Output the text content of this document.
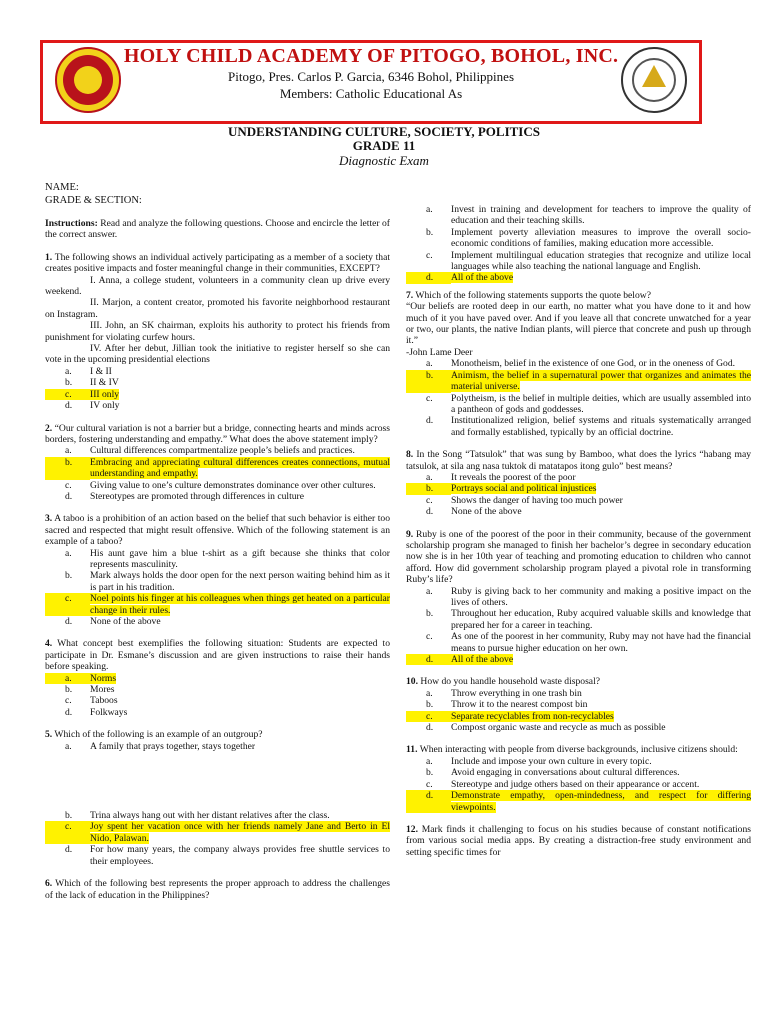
HOLY CHILD ACADEMY OF PITOGO, BOHOL, INC.
Pitogo, Pres. Carlos P. Garcia, 6346 Bohol, Philippines
Members: Catholic Educational As
UNDERSTANDING CULTURE, SOCIETY, POLITICS
GRADE 11
Diagnostic Exam

NAME:

GRADE & SECTION:

Instructions: Read and analyze the following questions. Choose and encircle the letter of the correct answer.

1. The following shows an individual actively participating as a member of a society that creates positive impacts and foster meaningful change in their communities, EXCEPT?

I. Anna, a college student, volunteers in a community clean up drive every weekend.

II. Marjon, a content creator, promoted his favorite neighborhood restaurant on Instagram.

III. John, an SK chairman, exploits his authority to protect his friends from punishment for violating curfew hours.

IV. After her debut, Jillian took the initiative to register herself so she can vote in the upcoming presidential elections

a.	I & II
b.	II & IV
c.	III only
d.	IV only

2. “Our cultural variation is not a barrier but a bridge, connecting hearts and minds across borders, fostering understanding and empathy.” What does the above statement imply?

a.	Cultural differences compartmentalize people’s beliefs and practices.
b.	Embracing and appreciating cultural differences creates connections, mutual understanding and empathy.
c.	Giving value to one’s culture demonstrates dominance over other cultures.
d.	Stereotypes are promoted through differences in culture

3. A taboo is a prohibition of an action based on the belief that such behavior is either too sacred and respected that might result offensive. Which of the following statement is an example of a taboo?

a.	His aunt gave him a blue t-shirt as a gift because she thinks that color represents masculinity.
b.	Mark always holds the door open for the next person waiting behind him as it is part in his tradition.
c.	Noel points his finger at his colleagues when things get heated on a particular change in their rules.
d.	None of the above

4. What concept best exemplifies the following situation: Students are expected to participate in Dr. Esmane’s discussion and are given instructions to raise their hands before speaking.

a.	Norms
b.	Mores
c.	Taboos
d.	Folkways

5. Which of the following is an example of an outgroup?

a.	A family that prays together, stays together
b.	Trina always hang out with her distant relatives after the class.
c.	Joy spent her vacation once with her friends namely Jane and Berto in El Nido, Palawan.
d.	For how many years, the company always provides free shuttle services to their employees.

6. Which of the following best represents the proper approach to address the challenges of the lack of education in the Philippines?

a.	Invest in training and development for teachers to improve the quality of education and their teaching skills.
b.	Implement poverty alleviation measures to improve the overall socio-economic conditions of families, making education more accessible.
c.	Implement multilingual education strategies that recognize and utilize local languages while also teaching the national language and English.
d.	All of the above

7. Which of the following statements supports the quote below?

“Our beliefs are rooted deep in our earth, no matter what you have done to it and how much of it you have paved over. And if you leave all that concrete unwatched for a year or two, our plants, the native Indian plants, will pierce that concrete and push up through it.”

-John Lame Deer

a.	Monotheism, belief in the existence of one God, or in the oneness of God.
b.	Animism, the belief in a supernatural power that organizes and animates the material universe.
c.	Polytheism, is the belief in multiple deities, which are usually assembled into a pantheon of gods and goddesses.
d.	Institutionalized religion, belief systems and rituals systematically arranged and formally established, typically by an official doctrine.

8. In the Song “Tatsulok” that was sung by Bamboo, what does the lyrics “habang may tatsulok, at sila ang nasa tuktok di matatapos itong gulo” best means?

a.	It reveals the poorest of the poor
b.	Portrays social and political injustices
c.	Shows the danger of having too much power
d.	None of the above

9. Ruby is one of the poorest of the poor in their community, because of the government scholarship program she managed to finish her bachelor’s degree in secondary education now she is in her 10th year of teaching and promoting education to children who cannot afford. How did government scholarship program played a pivotal role in transforming Ruby’s life?

a.	Ruby is giving back to her community and making a positive impact on the lives of others.
b.	Throughout her education, Ruby acquired valuable skills and knowledge that prepared her for a career in teaching.
c.	As one of the poorest in her community, Ruby may not have had the financial means to pursue higher education on her own.
d.	All of the above

10. How do you handle household waste disposal?

a.	Throw everything in one trash bin
b.	Throw it to the nearest compost bin
c.	Separate recyclables from non-recyclables
d.	Compost organic waste and recycle as much as possible

11. When interacting with people from diverse backgrounds, inclusive citizens should:

a.	Include and impose your own culture in every topic.
b.	Avoid engaging in conversations about cultural differences.
c.	Stereotype and judge others based on their appearance or accent.
d.	Demonstrate empathy, open-mindedness, and respect for differing viewpoints.

12. Mark finds it challenging to focus on his studies because of constant notifications from various social media apps. By creating a distraction-free study environment and setting specific times for
